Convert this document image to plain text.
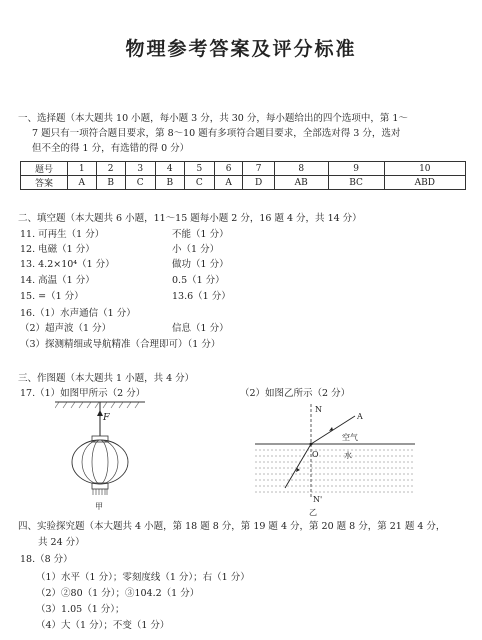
物理参考答案及评分标准
一、选择题（本大题共 10 小题，每小题 3 分，共 30 分，每小题给出的四个选项中，第 1～
7 题只有一项符合题目要求，第 8～10 题有多项符合题目要求，全部选对得 3 分，选对
但不全的得 1 分，有选错的得 0 分）
题号	1	2	3	4	5	6	7	8	9	10
答案	A	B	C	B	C	A	D	AB	BC	ABD
二、填空题（本大题共 6 小题，11～15 题每小题 2 分，16 题 4 分，共 14 分）
11. 可再生（1 分）	不能（1 分）
12. 电磁（1 分）	小（1 分）
13. 4.2×10⁴（1 分）	做功（1 分）
14. 高温（1 分）	0.5（1 分）
15. =（1 分）	13.6（1 分）
16.（1）水声通信（1 分）
（2）超声波（1 分）	信息（1 分）
（3）探测精细或导航精准（合理即可）（1 分）
三、作图题（本大题共 1 小题，共 4 分）
17.（1）如图甲所示（2 分）	（2）如图乙所示（2 分）
F
甲
N
A
空气
O	水
N'
乙
四、实验探究题（本大题共 4 小题，第 18 题 8 分，第 19 题 4 分，第 20 题 8 分，第 21 题 4 分，
共 24 分）
18.（8 分）
（1）水平（1 分）；零刻度线（1 分）；右（1 分）
（2）②80（1 分）；③104.2（1 分）
（3）1.05（1 分）；
（4）大（1 分）；不变（1 分）
